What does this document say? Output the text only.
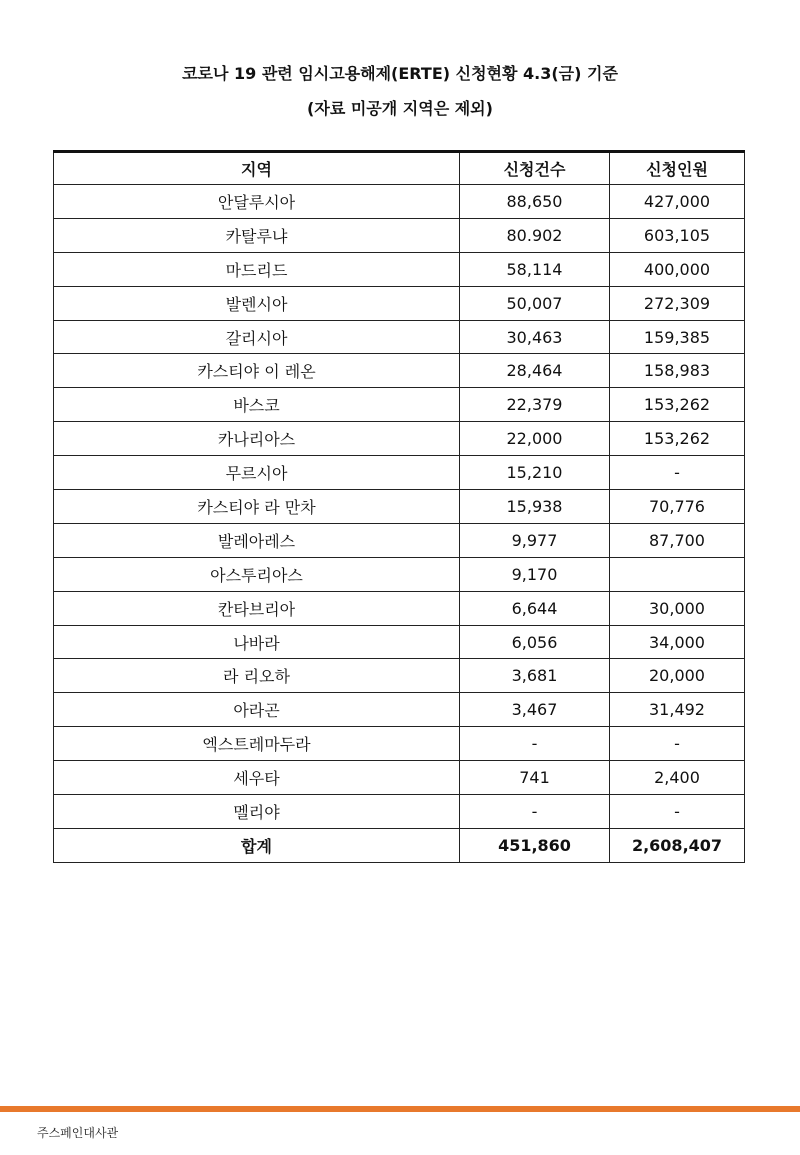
코로나 19 관련 임시고용해제(ERTE) 신청현황 4.3(금) 기준
(자료 미공개 지역은 제외)
지역	신청건수	신청인원
안달루시아	88,650	427,000
카탈루냐	80.902	603,105
마드리드	58,114	400,000
발렌시아	50,007	272,309
갈리시아	30,463	159,385
카스티야 이 레온	28,464	158,983
바스코	22,379	153,262
카나리아스	22,000	153,262
무르시아	15,210	-
카스티야 라 만차	15,938	70,776
발레아레스	9,977	87,700
아스투리아스	9,170	
칸타브리아	6,644	30,000
나바라	6,056	34,000
라 리오하	3,681	20,000
아라곤	3,467	31,492
엑스트레마두라	-	-
세우타	741	2,400
멜리야	-	-
합계	451,860	2,608,407
주스페인대사관
